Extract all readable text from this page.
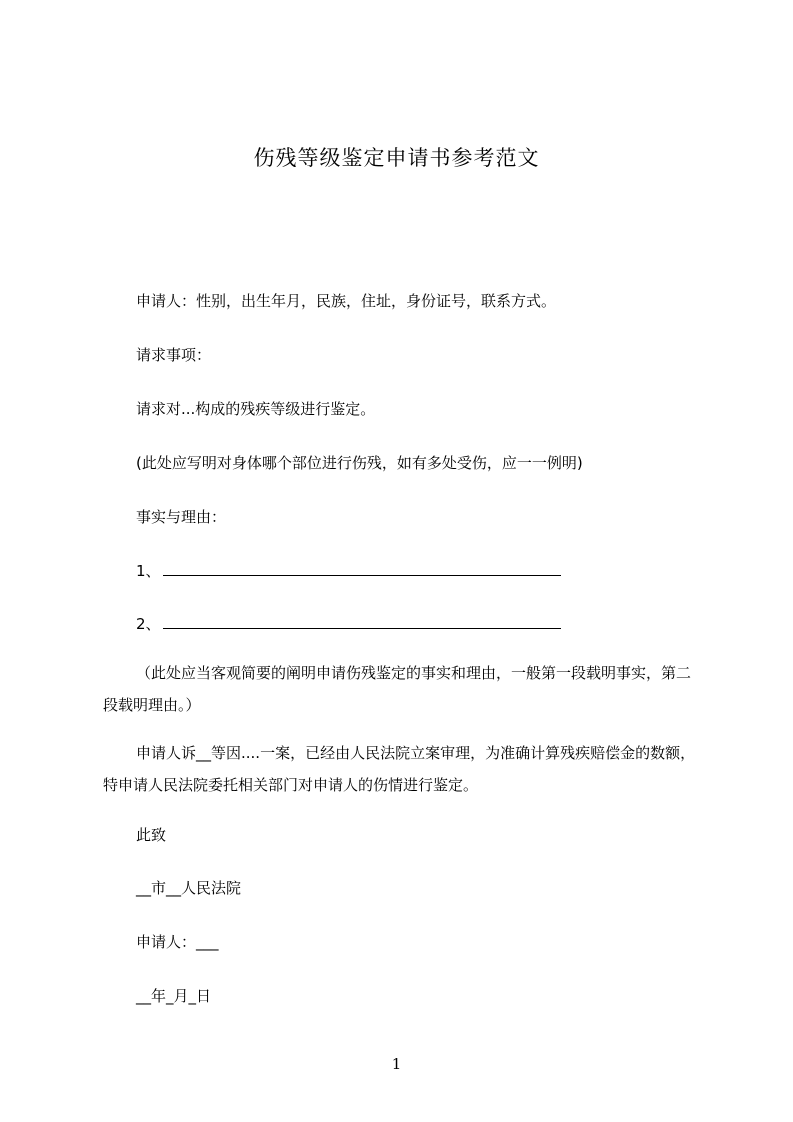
伤残等级鉴定申请书参考范文
申请人：性别，出生年月，民族，住址，身份证号，联系方式。
请求事项：
请求对...构成的残疾等级进行鉴定。
(此处应写明对身体哪个部位进行伤残，如有多处受伤，应一一例明)
事实与理由：
1、
2、
（此处应当客观简要的阐明申请伤残鉴定的事实和理由，一般第一段载明事实，第二段载明理由。）
申请人诉__等因....一案，已经由人民法院立案审理，为准确计算残疾赔偿金的数额，特申请人民法院委托相关部门对申请人的伤情进行鉴定。
此致
__市__人民法院
申请人：___
__年_月_日
1
